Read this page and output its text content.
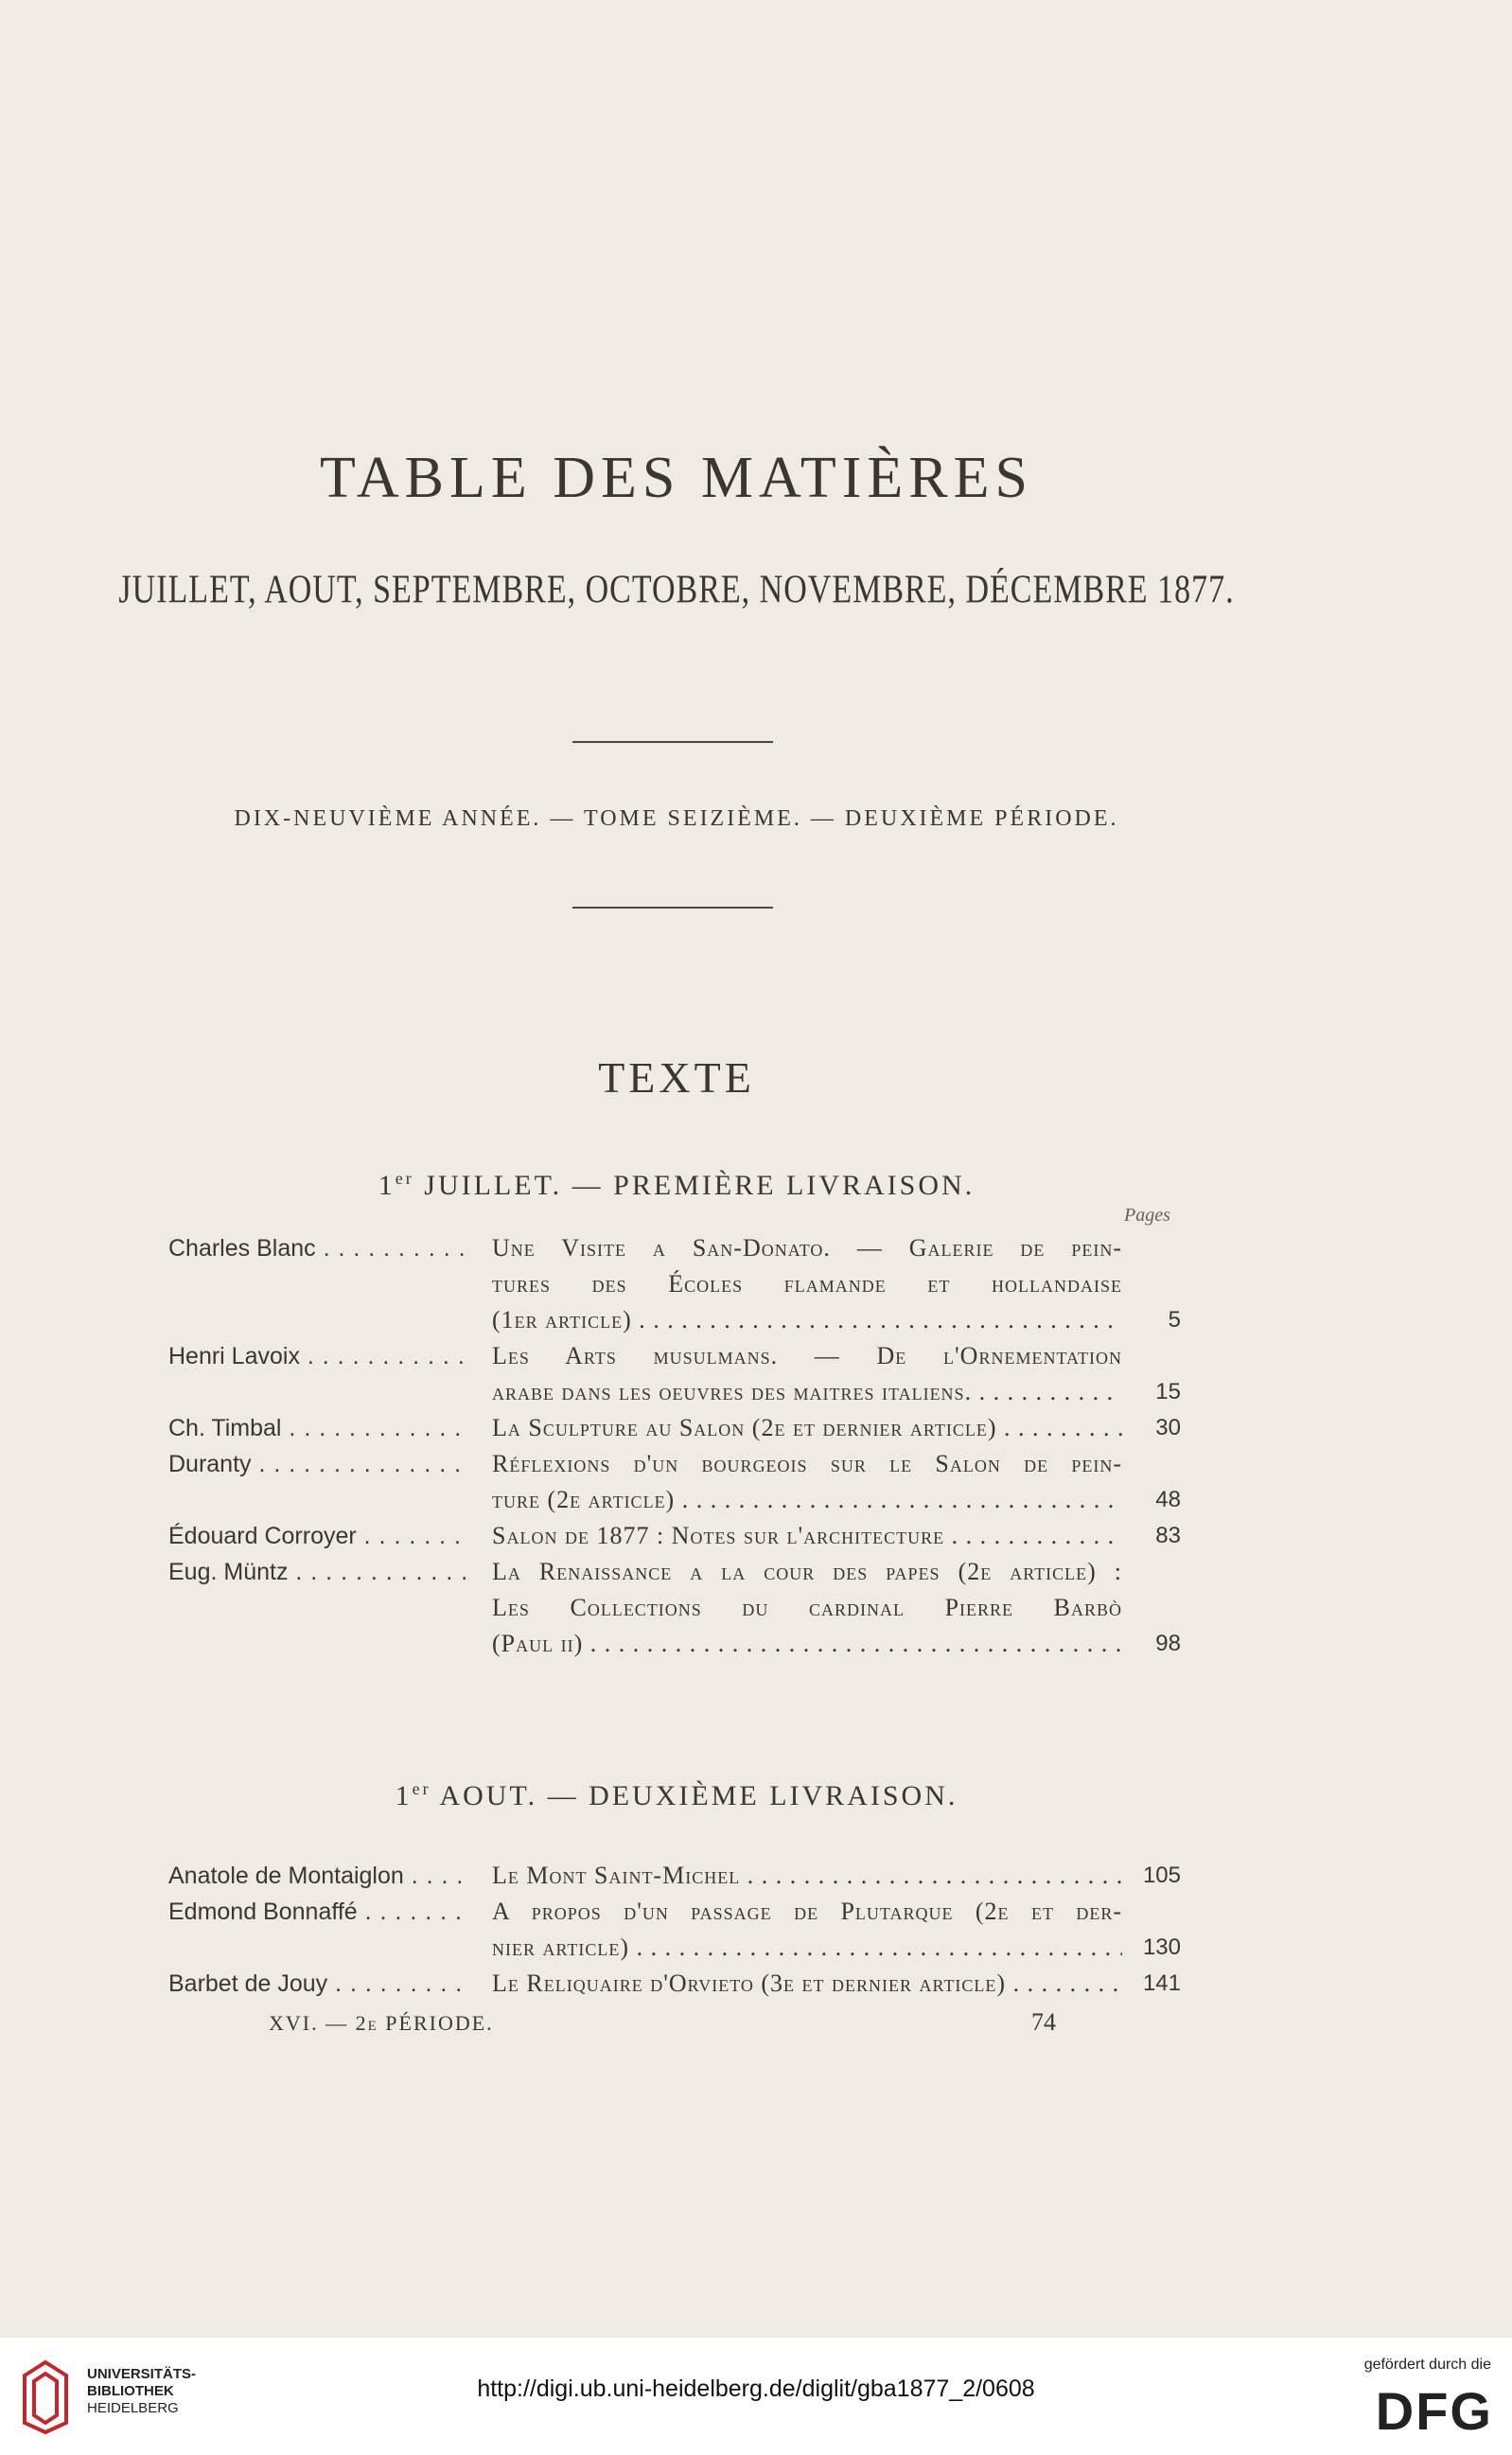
TABLE DES MATIÈRES
JUILLET, AOUT, SEPTEMBRE, OCTOBRE, NOVEMBRE, DÉCEMBRE 1877.
DIX-NEUVIÈME ANNÉE. — TOME SEIZIÈME. — DEUXIÈME PÉRIODE.
TEXTE
1er JUILLET. — PREMIÈRE LIVRAISON.
Pages
Charles Blanc . . .	Une Visite a San-Donato. — Galerie de pein-
tures des Écoles flamande et hollandaise
(1er article) . . .	5
Henri Lavoix . . .	Les Arts musulmans. — De l'Ornementation
arabe dans les oeuvres des maitres italiens. . . .	15
Ch. Timbal . . .	La Sculpture au Salon (2e et dernier article) . . .	30
Duranty . . .	Réflexions d'un bourgeois sur le Salon de pein-
ture (2e article) . . .	48
Édouard Corroyer . . .	Salon de 1877 : Notes sur l'architecture . . .	83
Eug. Müntz . . .	La Renaissance a la cour des papes (2e article) :
Les Collections du cardinal Pierre Barbò
(Paul ii) . . .	98
1er AOUT. — DEUXIÈME LIVRAISON.
Anatole de Montaiglon . . .	Le Mont Saint-Michel . . .	105
Edmond Bonnaffé . . .	A propos d'un passage de Plutarque (2e et der-
nier article) . . .	130
Barbet de Jouy . . .	Le Reliquaire d'Orvieto (3e et dernier article) . . .	141
XVI. — 2e PÉRIODE.	74
UNIVERSITÄTS-
BIBLIOTHEK
HEIDELBERG
http://digi.ub.uni-heidelberg.de/diglit/gba1877_2/0608
gefördert durch die
DFG
